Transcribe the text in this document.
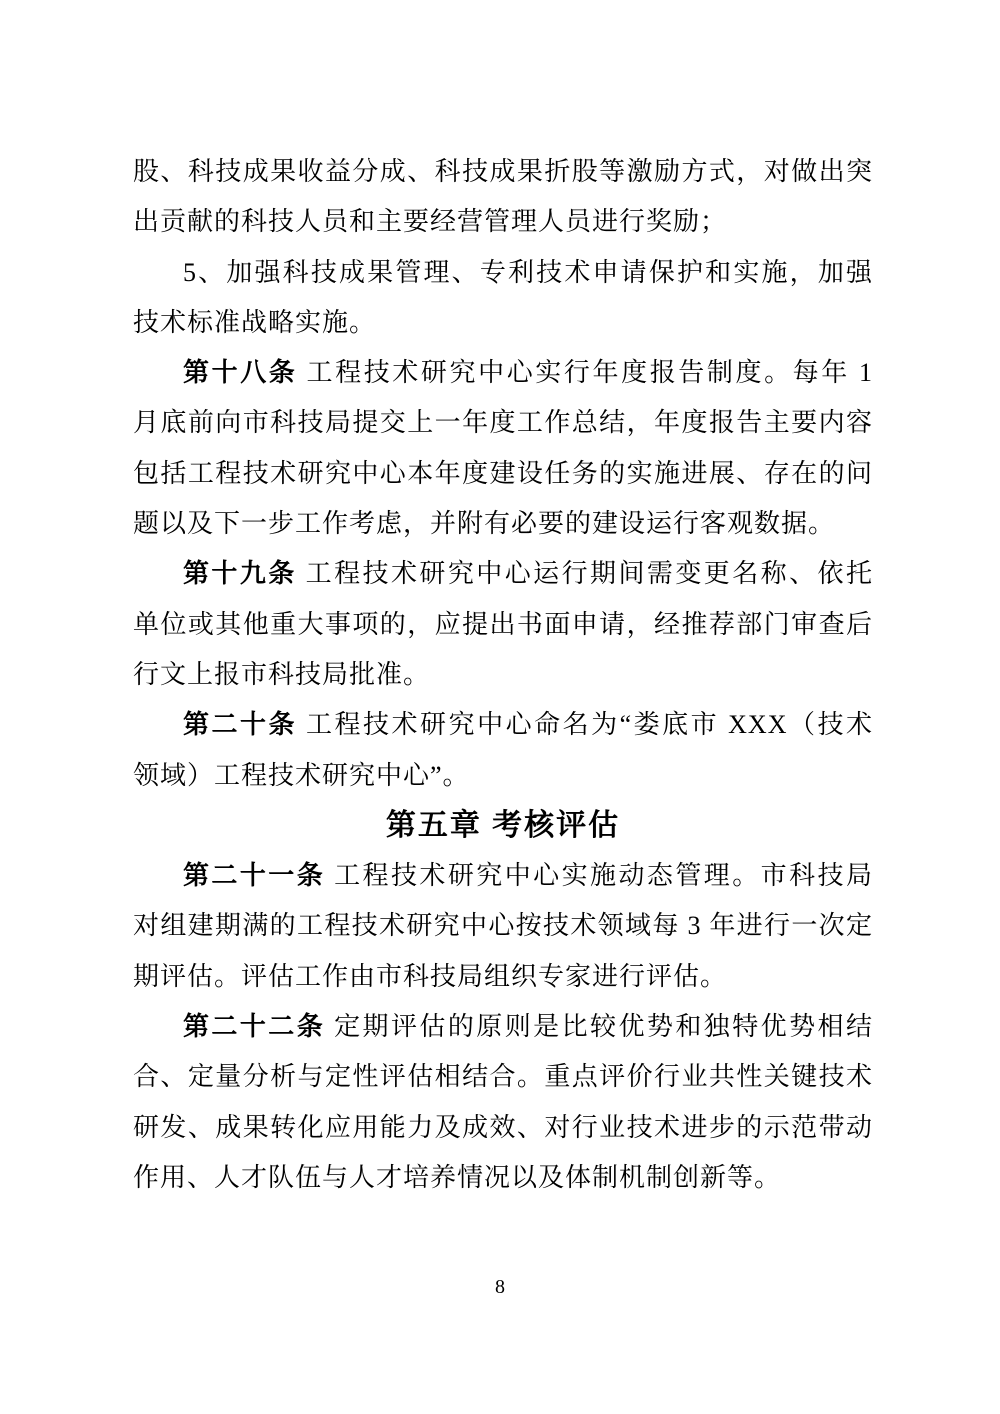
股、科技成果收益分成、科技成果折股等激励方式，对做出突
出贡献的科技人员和主要经营管理人员进行奖励；
5、加强科技成果管理、专利技术申请保护和实施，加强
技术标准战略实施。
第十八条 工程技术研究中心实行年度报告制度。每年 1
月底前向市科技局提交上一年度工作总结，年度报告主要内容
包括工程技术研究中心本年度建设任务的实施进展、存在的问
题以及下一步工作考虑，并附有必要的建设运行客观数据。
第十九条 工程技术研究中心运行期间需变更名称、依托
单位或其他重大事项的，应提出书面申请，经推荐部门审查后
行文上报市科技局批准。
第二十条 工程技术研究中心命名为“娄底市 XXX（技术
领域）工程技术研究中心”。
第五章 考核评估
第二十一条 工程技术研究中心实施动态管理。市科技局
对组建期满的工程技术研究中心按技术领域每 3 年进行一次定
期评估。评估工作由市科技局组织专家进行评估。
第二十二条 定期评估的原则是比较优势和独特优势相结
合、定量分析与定性评估相结合。重点评价行业共性关键技术
研发、成果转化应用能力及成效、对行业技术进步的示范带动
作用、人才队伍与人才培养情况以及体制机制创新等。
8
